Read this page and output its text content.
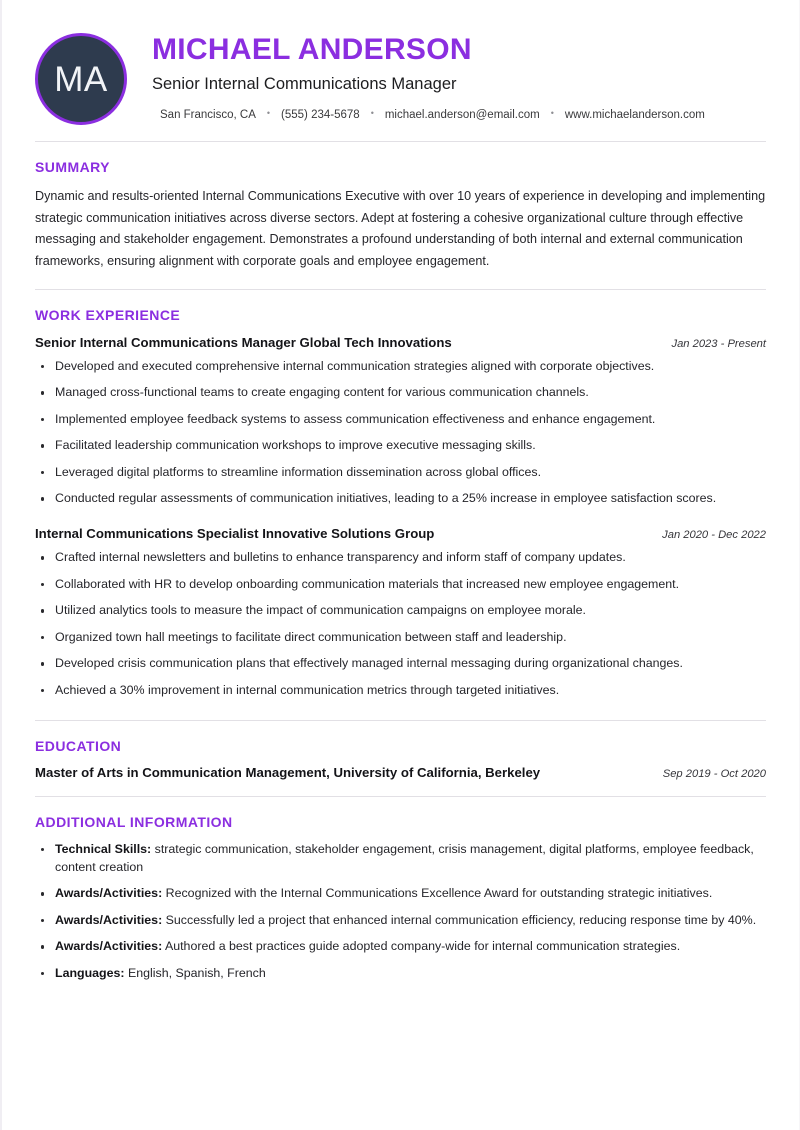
MA
MICHAEL ANDERSON
Senior Internal Communications Manager
San Francisco, CA	• (555) 234-5678	• michael.anderson@email.com	• www.michaelanderson.com
SUMMARY

Dynamic and results-oriented Internal Communications Executive with over 10 years of experience in developing and implementing strategic communication initiatives across diverse sectors. Adept at fostering a cohesive organizational culture through effective messaging and stakeholder engagement. Demonstrates a profound understanding of both internal and external communication frameworks, ensuring alignment with corporate goals and employee engagement.

WORK EXPERIENCE
Senior Internal Communications Manager Global Tech Innovations	Jan 2023 - Present
Developed and executed comprehensive internal communication strategies aligned with corporate objectives.
Managed cross-functional teams to create engaging content for various communication channels.
Implemented employee feedback systems to assess communication effectiveness and enhance engagement.
Facilitated leadership communication workshops to improve executive messaging skills.
Leveraged digital platforms to streamline information dissemination across global offices.
Conducted regular assessments of communication initiatives, leading to a 25% increase in employee satisfaction scores.
Internal Communications Specialist Innovative Solutions Group	Jan 2020 - Dec 2022
Crafted internal newsletters and bulletins to enhance transparency and inform staff of company updates.
Collaborated with HR to develop onboarding communication materials that increased new employee engagement.
Utilized analytics tools to measure the impact of communication campaigns on employee morale.
Organized town hall meetings to facilitate direct communication between staff and leadership.
Developed crisis communication plans that effectively managed internal messaging during organizational changes.
Achieved a 30% improvement in internal communication metrics through targeted initiatives.
EDUCATION
Master of Arts in Communication Management, University of California, Berkeley	Sep 2019 - Oct 2020
ADDITIONAL INFORMATION
Technical Skills: strategic communication, stakeholder engagement, crisis management, digital platforms, employee feedback, content creation
Awards/Activities: Recognized with the Internal Communications Excellence Award for outstanding strategic initiatives.
Awards/Activities: Successfully led a project that enhanced internal communication efficiency, reducing response time by 40%.
Awards/Activities: Authored a best practices guide adopted company-wide for internal communication strategies.
Languages: English, Spanish, French
